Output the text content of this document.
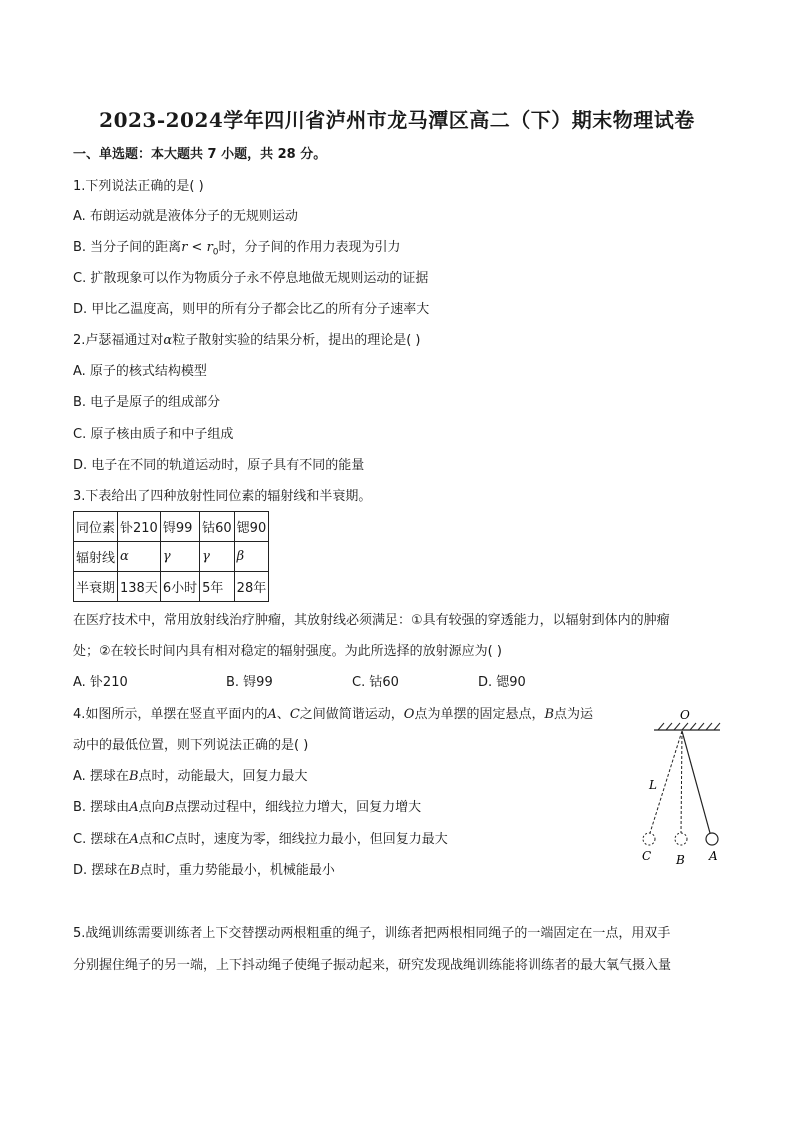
2023-2024学年四川省泸州市龙马潭区高二（下）期末物理试卷
一、单选题：本大题共 7 小题，共 28 分。
1.下列说法正确的是( )
A. 布朗运动就是液体分子的无规则运动
B. 当分子间的距离$r < r_0$时，分子间的作用力表现为引力
C. 扩散现象可以作为物质分子永不停息地做无规则运动的证据
D. 甲比乙温度高，则甲的所有分子都会比乙的所有分子速率大
2.卢瑟福通过对α粒子散射实验的结果分析，提出的理论是( )
A. 原子的核式结构模型
B. 电子是原子的组成部分
C. 原子核由质子和中子组成
D. 电子在不同的轨道运动时，原子具有不同的能量
3.下表给出了四种放射性同位素的辐射线和半衰期。
同位素	钋210	锝99	钴60	锶90
辐射线	α	γ	γ	β
半衰期	138天	6小时	5年	28年
在医疗技术中，常用放射线治疗肿瘤，其放射线必须满足：①具有较强的穿透能力，以辐射到体内的肿瘤
处；②在较长时间内具有相对稳定的辐射强度。为此所选择的放射源应为( )
A. 钋210	B. 锝99	C. 钴60	D. 锶90
4.如图所示，单摆在竖直平面内的A、C之间做简谐运动，O点为单摆的固定悬点，B点为运
动中的最低位置，则下列说法正确的是( )
A. 摆球在B点时，动能最大，回复力最大
B. 摆球由A点向B点摆动过程中，细线拉力增大，回复力增大
C. 摆球在A点和C点时，速度为零，细线拉力最小，但回复力最大
D. 摆球在B点时，重力势能最小，机械能最小
O
L
C B A
5.战绳训练需要训练者上下交替摆动两根粗重的绳子，训练者把两根相同绳子的一端固定在一点，用双手
分别握住绳子的另一端，上下抖动绳子使绳子振动起来，研究发现战绳训练能将训练者的最大氧气摄入量
